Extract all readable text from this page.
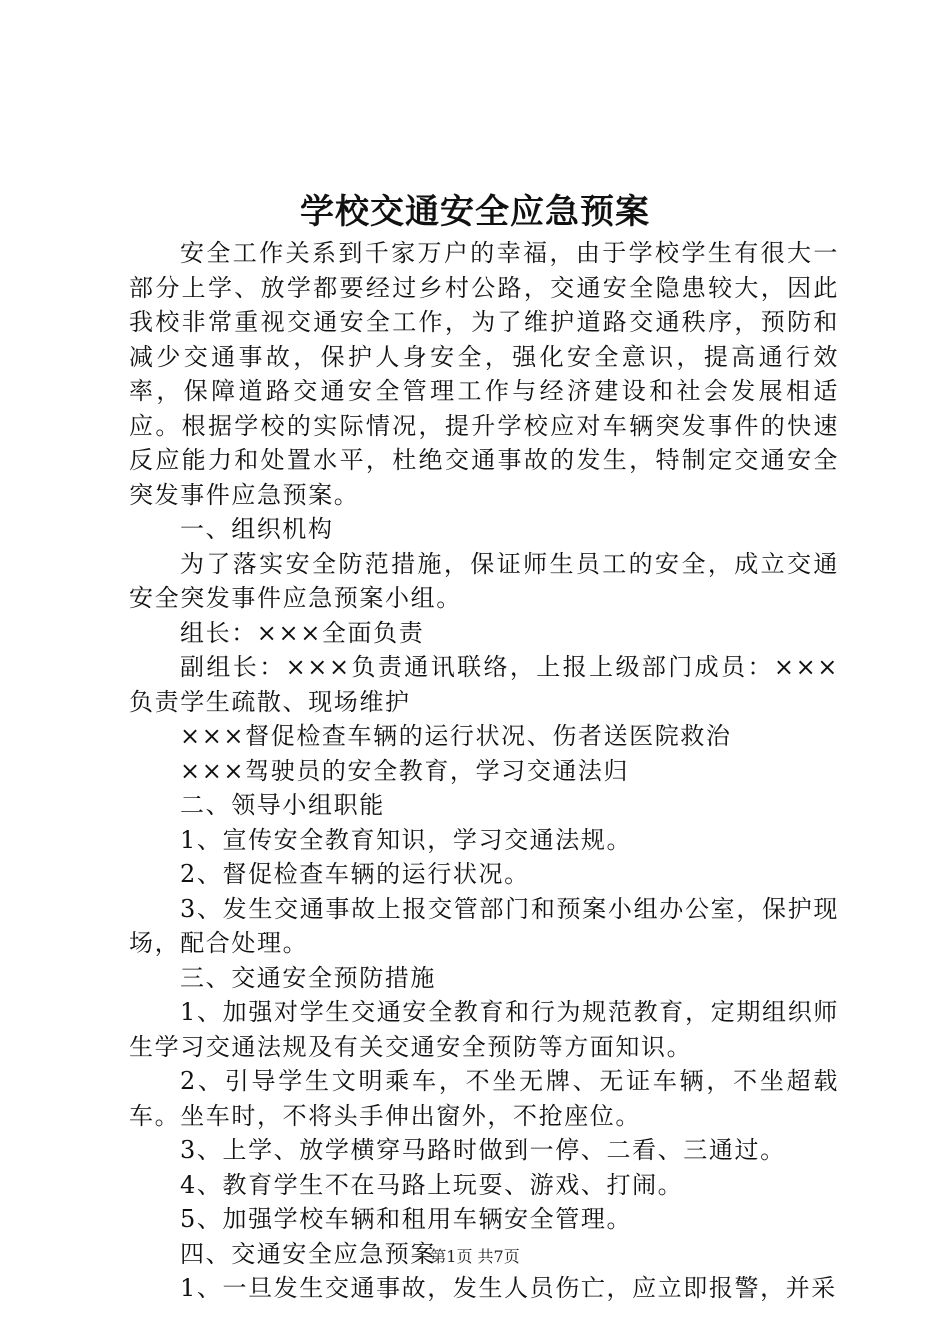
学校交通安全应急预案

安全工作关系到千家万户的幸福，由于学校学生有很大一部分上学、放学都要经过乡村公路，交通安全隐患较大，因此我校非常重视交通安全工作，为了维护道路交通秩序，预防和减少交通事故，保护人身安全，强化安全意识，提高通行效率，保障道路交通安全管理工作与经济建设和社会发展相适应。根据学校的实际情况，提升学校应对车辆突发事件的快速反应能力和处置水平，杜绝交通事故的发生，特制定交通安全突发事件应急预案。

一、组织机构

为了落实安全防范措施，保证师生员工的安全，成立交通安全突发事件应急预案小组。

组长：×××全面负责

副组长：×××负责通讯联络，上报上级部门成员：×××负责学生疏散、现场维护

×××督促检查车辆的运行状况、伤者送医院救治

×××驾驶员的安全教育，学习交通法归

二、领导小组职能

1、宣传安全教育知识，学习交通法规。

2、督促检查车辆的运行状况。

3、发生交通事故上报交管部门和预案小组办公室，保护现场，配合处理。

三、交通安全预防措施

1、加强对学生交通安全教育和行为规范教育，定期组织师生学习交通法规及有关交通安全预防等方面知识。

2、引导学生文明乘车，不坐无牌、无证车辆，不坐超载车。坐车时，不将头手伸出窗外，不抢座位。

3、上学、放学横穿马路时做到一停、二看、三通过。

4、教育学生不在马路上玩耍、游戏、打闹。

5、加强学校车辆和租用车辆安全管理。

四、交通安全应急预案

1、一旦发生交通事故，发生人员伤亡，应立即报警，并采

第1页 共7页
